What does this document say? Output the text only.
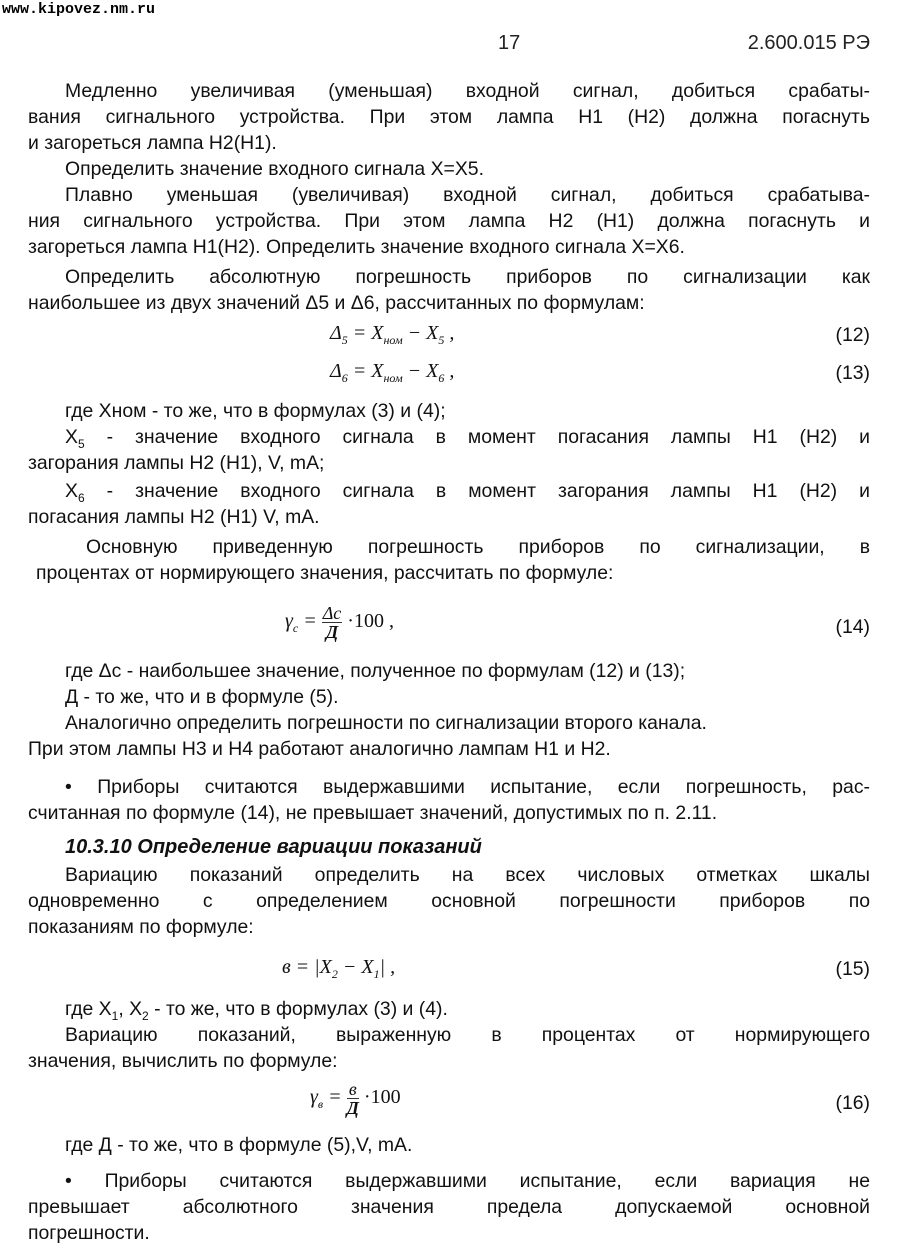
www.kipovez.nm.ru
17	2.600.015 РЭ
Медленно увеличивая (уменьшая) входной сигнал, добиться срабаты-
вания сигнального устройства. При этом лампа Н1 (Н2) должна погаснуть
и загореться лампа Н2(Н1).
Определить значение входного сигнала Х=Х5.
Плавно уменьшая (увеличивая) входной сигнал, добиться срабатыва-
ния сигнального устройства. При этом лампа Н2 (Н1) должна погаснуть и
загореться лампа Н1(Н2). Определить значение входного сигнала Х=Х6.
Определить абсолютную погрешность приборов по сигнализации как
наибольшее из двух значений Δ5 и Δ6, рассчитанных по формулам:
$\Delta_5 = X_{ном} - X_5$ ,	(12)
$\Delta_6 = X_{ном} - X_6$ ,	(13)
где Хном - то же, что в формулах (3) и (4);
$Х_5$ - значение входного сигнала в момент погасания лампы Н1 (Н2) и
загорания лампы Н2 (Н1), V, mA;
$Х_6$ - значение входного сигнала в момент загорания лампы Н1 (Н2) и
погасания лампы Н2 (Н1) V, mA.
Основную приведенную погрешность приборов по сигнализации, в
процентах от нормирующего значения, рассчитать по формуле:
$\gamma_с = \frac{\Delta с}{Д} \cdot 100$ ,	(14)
где Δс - наибольшее значение, полученное по формулам (12) и (13);
Д - то же, что и в формуле (5).
Аналогично определить погрешности по сигнализации второго канала.
При этом лампы Н3 и Н4 работают аналогично лампам Н1 и Н2.
• Приборы считаются выдержавшими испытание, если погрешность, рас-
считанная по формуле (14), не превышает значений, допустимых по п. 2.11.
10.3.10 Определение вариации показаний
Вариацию показаний определить на всех числовых отметках шкалы
одновременно с определением основной погрешности приборов по
показаниям по формуле:
$в = |X_2 - X_1|$ ,	(15)
где $Х_1$, $Х_2$ - то же, что в формулах (3) и (4).
Вариацию показаний, выраженную в процентах от нормирующего
значения, вычислить по формуле:
$\gamma_в = \frac{в}{Д} \cdot 100$	(16)
где Д - то же, что в формуле (5),V, mA.
• Приборы считаются выдержавшими испытание, если вариация не
превышает абсолютного значения предела допускаемой основной
погрешности.
